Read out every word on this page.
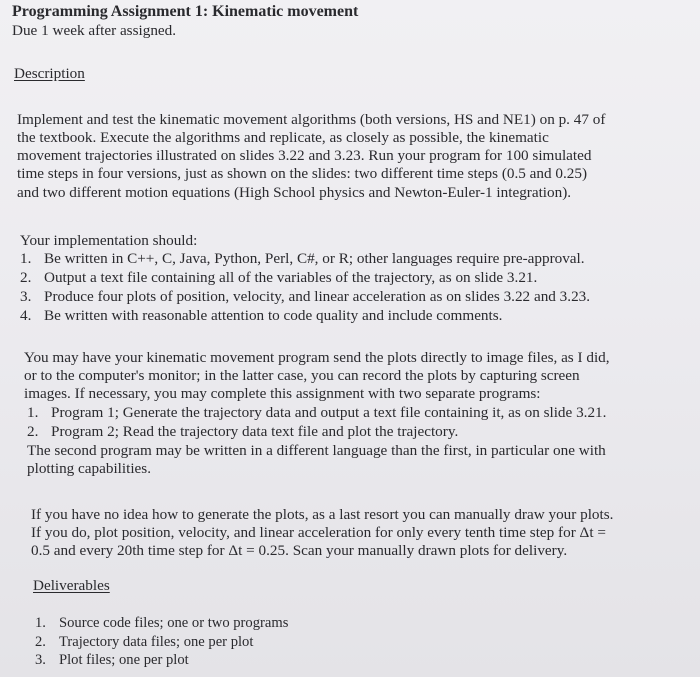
Programming Assignment 1: Kinematic movement
Due 1 week after assigned.
Description
Implement and test the kinematic movement algorithms (both versions, HS and NE1) on p. 47 of
the textbook. Execute the algorithms and replicate, as closely as possible, the kinematic
movement trajectories illustrated on slides 3.22 and 3.23. Run your program for 100 simulated
time steps in four versions, just as shown on the slides: two different time steps (0.5 and 0.25)
and two different motion equations (High School physics and Newton-Euler-1 integration).
Your implementation should:
1. Be written in C++, C, Java, Python, Perl, C#, or R; other languages require pre-approval.
2. Output a text file containing all of the variables of the trajectory, as on slide 3.21.
3. Produce four plots of position, velocity, and linear acceleration as on slides 3.22 and 3.23.
4. Be written with reasonable attention to code quality and include comments.
You may have your kinematic movement program send the plots directly to image files, as I did,
or to the computer's monitor; in the latter case, you can record the plots by capturing screen
images. If necessary, you may complete this assignment with two separate programs:
1. Program 1; Generate the trajectory data and output a text file containing it, as on slide 3.21.
2. Program 2; Read the trajectory data text file and plot the trajectory.
The second program may be written in a different language than the first, in particular one with
plotting capabilities.
If you have no idea how to generate the plots, as a last resort you can manually draw your plots.
If you do, plot position, velocity, and linear acceleration for only every tenth time step for Δt =
0.5 and every 20th time step for Δt = 0.25. Scan your manually drawn plots for delivery.
Deliverables
1. Source code files; one or two programs
2. Trajectory data files; one per plot
3. Plot files; one per plot
